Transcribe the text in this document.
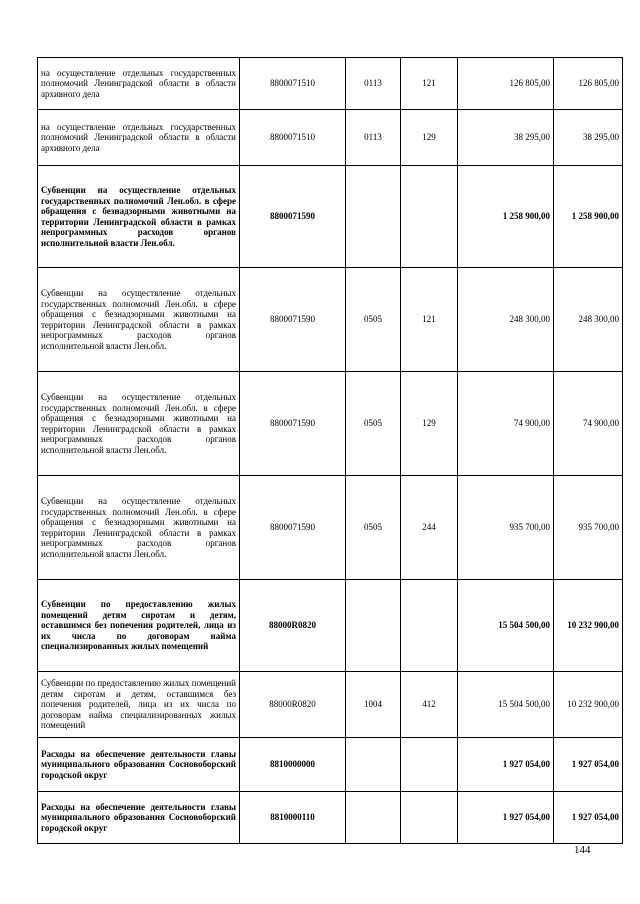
на осуществление отдельных государственных полномочий Ленинградской области в области архивного дела	8800071510	0113	121	126 805,00	126 805,00
на осуществление отдельных государственных полномочий Ленинградской области в области архивного дела	8800071510	0113	129	38 295,00	38 295,00
Субвенции на осуществление отдельных государственных полномочий Лен.обл. в сфере обращения с безнадзорными животными на территории Ленинградской области в рамках непрограммных расходов органов исполнительной власти Лен.обл.	8800071590			1 258 900,00	1 258 900,00
Субвенции на осуществление отдельных государственных полномочий Лен.обл. в сфере обращения с безнадзорными животными на территории Ленинградской области в рамках непрограммных расходов органов исполнительной власти Лен.обл.	8800071590	0505	121	248 300,00	248 300,00
Субвенции на осуществление отдельных государственных полномочий Лен.обл. в сфере обращения с безнадзорными животными на территории Ленинградской области в рамках непрограммных расходов органов исполнительной власти Лен.обл.	8800071590	0505	129	74 900,00	74 900,00
Субвенции на осуществление отдельных государственных полномочий Лен.обл. в сфере обращения с безнадзорными животными на территории Ленинградской области в рамках непрограммных расходов органов исполнительной власти Лен.обл.	8800071590	0505	244	935 700,00	935 700,00
Субвенции по предоставлению жилых помещений детям сиротам и детям, оставшимся без попечения родителей, лица из их числа по договорам найма специализированных жилых помещений	88000R0820			15 504 500,00	10 232 900,00
Субвенции по предоставлению жилых помещений детям сиротам и детям, оставшимся без попечения родителей, лица из их числа по договорам найма специализированных жилых помещений	88000R0820	1004	412	15 504 500,00	10 232 900,00
Расходы на обеспечение деятельности главы муниципального образования Сосновоборский городской округ	8810000000			1 927 054,00	1 927 054,00
Расходы на обеспечение деятельности главы муниципального образования Сосновоборский городской округ	8810000110			1 927 054,00	1 927 054,00
144
